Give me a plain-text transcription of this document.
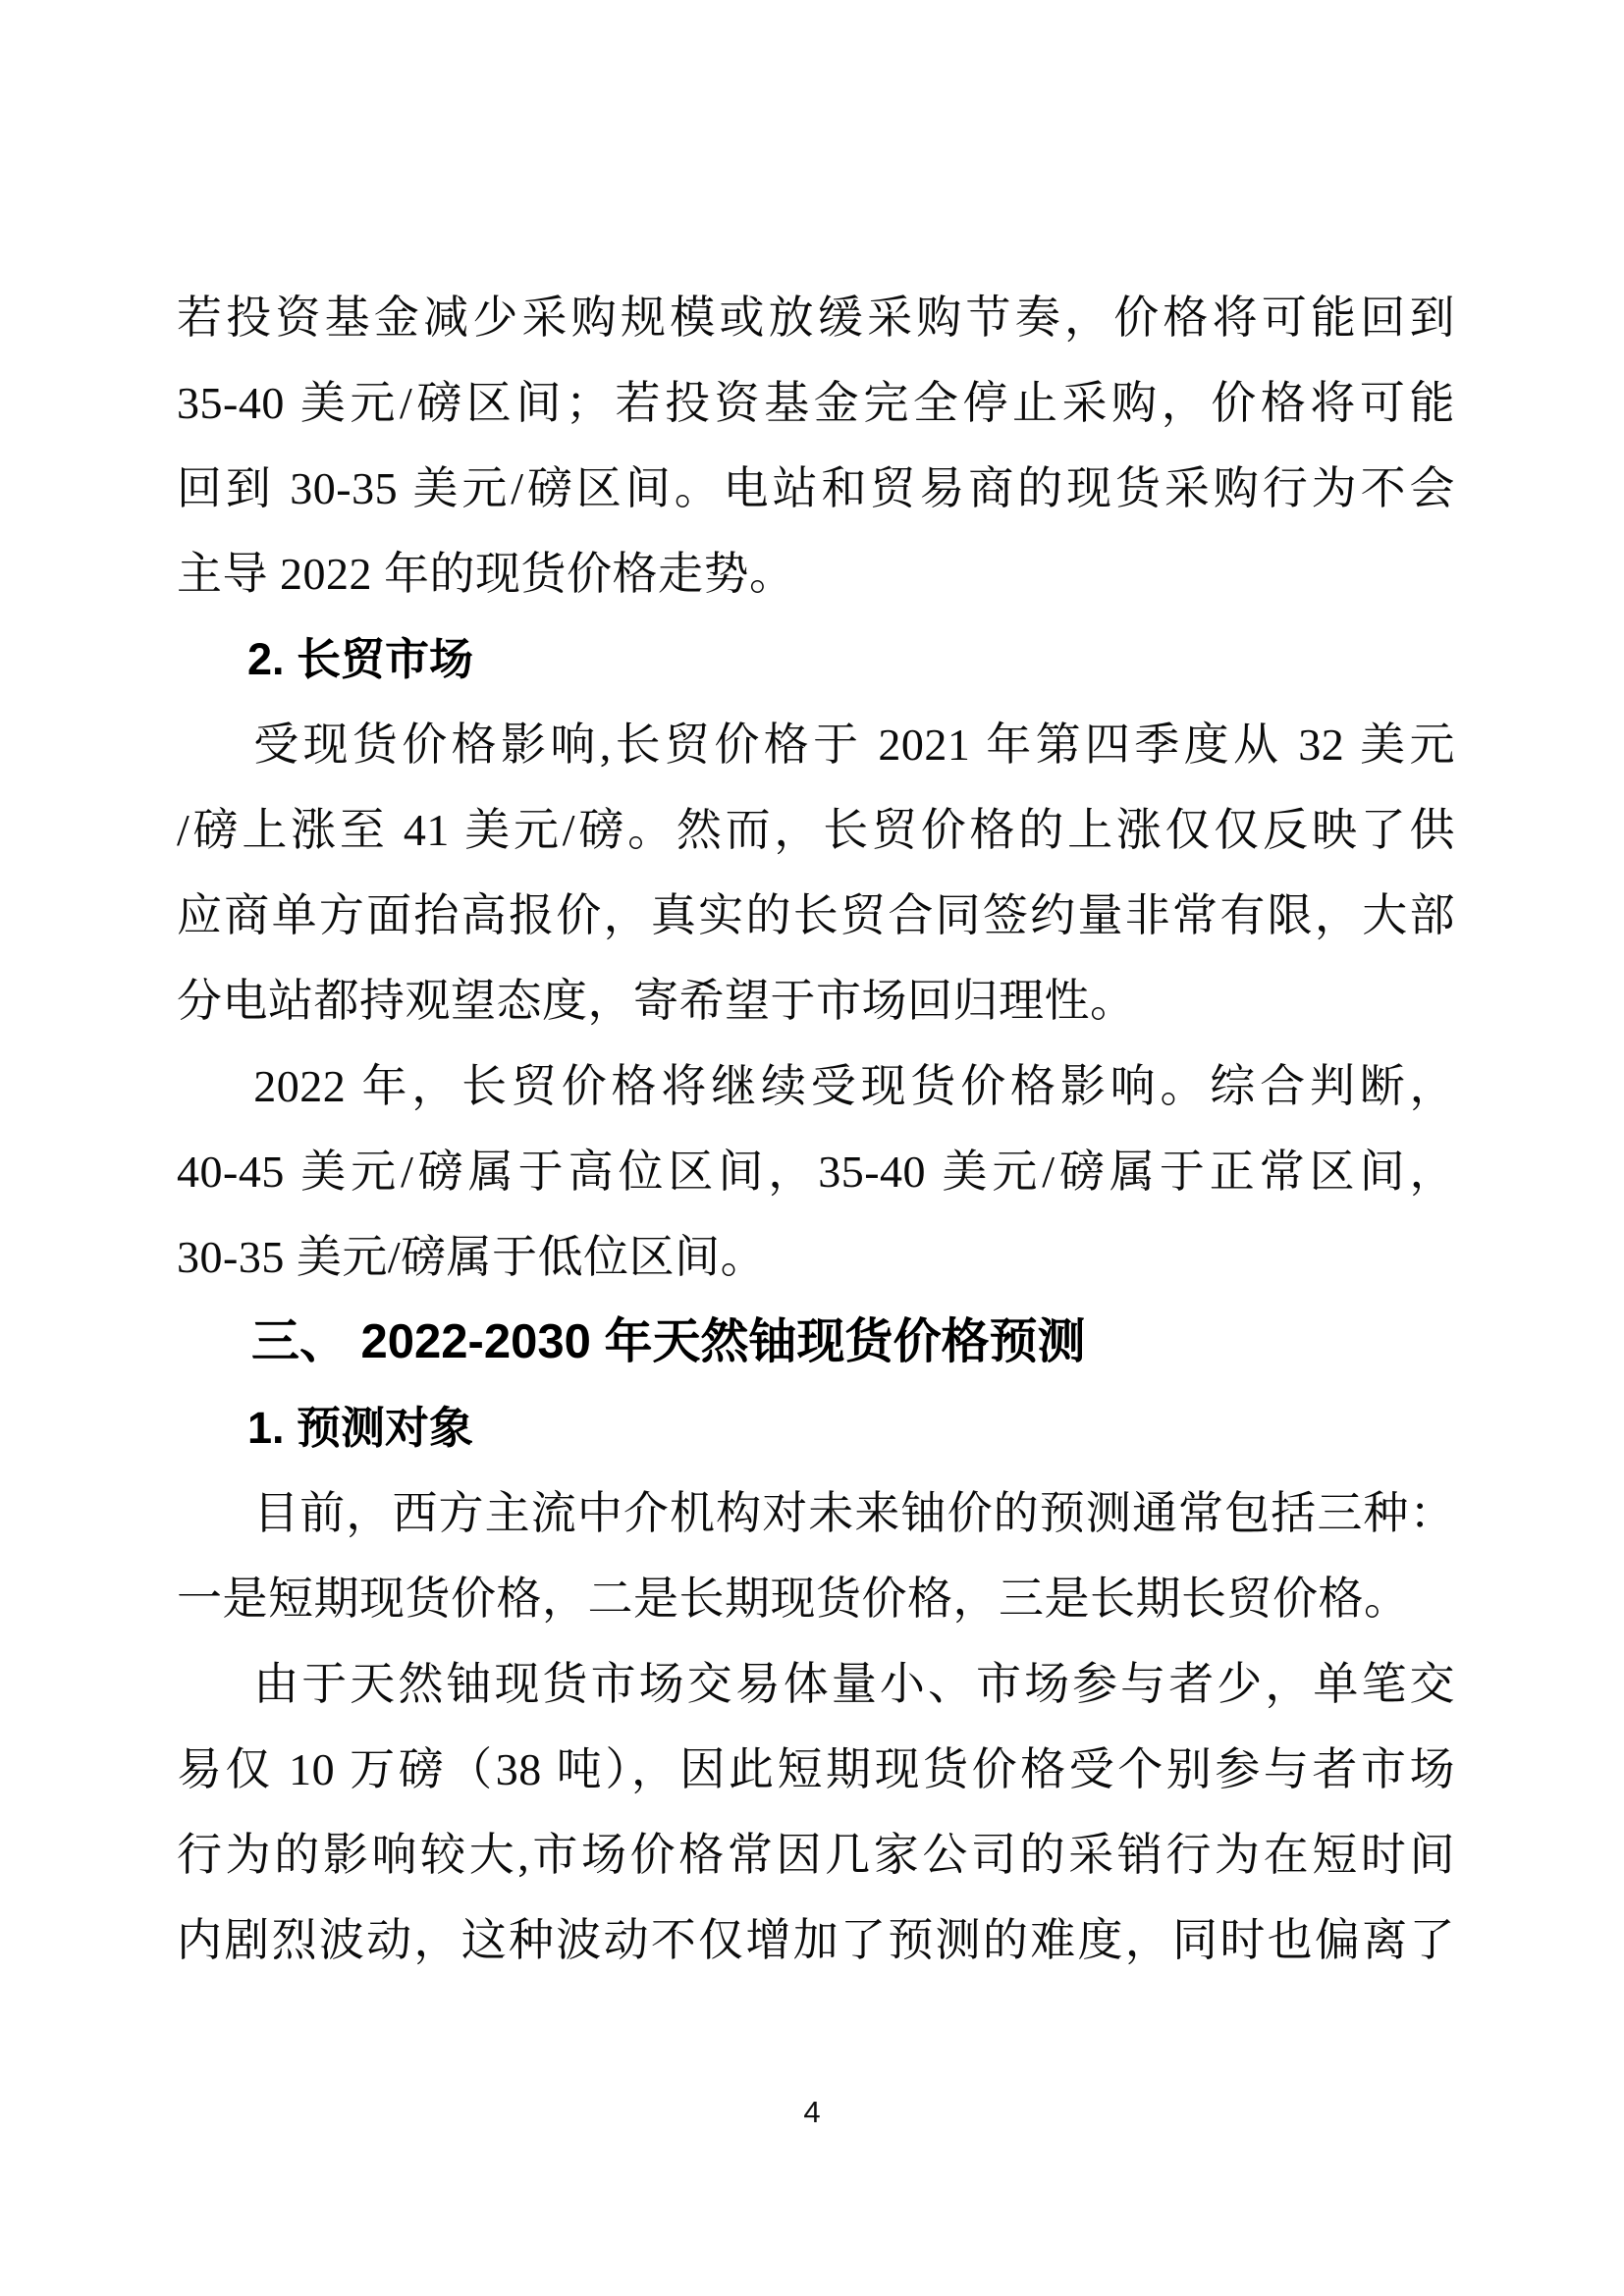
若投资基金减少采购规模或放缓采购节奏，价格将可能回到
35-40 美元/磅区间；若投资基金完全停止采购，价格将可能
回到 30-35 美元/磅区间。电站和贸易商的现货采购行为不会
主导 2022 年的现货价格走势。
2. 长贸市场
受现货价格影响,长贸价格于 2021 年第四季度从 32 美元
/磅上涨至 41 美元/磅。然而，长贸价格的上涨仅仅反映了供
应商单方面抬高报价，真实的长贸合同签约量非常有限，大部
分电站都持观望态度，寄希望于市场回归理性。
2022 年，长贸价格将继续受现货价格影响。综合判断，
40-45 美元/磅属于高位区间，35-40 美元/磅属于正常区间，
30-35 美元/磅属于低位区间。
三、 2022-2030 年天然铀现货价格预测
1. 预测对象
目前，西方主流中介机构对未来铀价的预测通常包括三种：
一是短期现货价格，二是长期现货价格，三是长期长贸价格。
由于天然铀现货市场交易体量小、市场参与者少，单笔交
易仅 10 万磅（38 吨），因此短期现货价格受个别参与者市场
行为的影响较大,市场价格常因几家公司的采销行为在短时间
内剧烈波动，这种波动不仅增加了预测的难度，同时也偏离了
4
